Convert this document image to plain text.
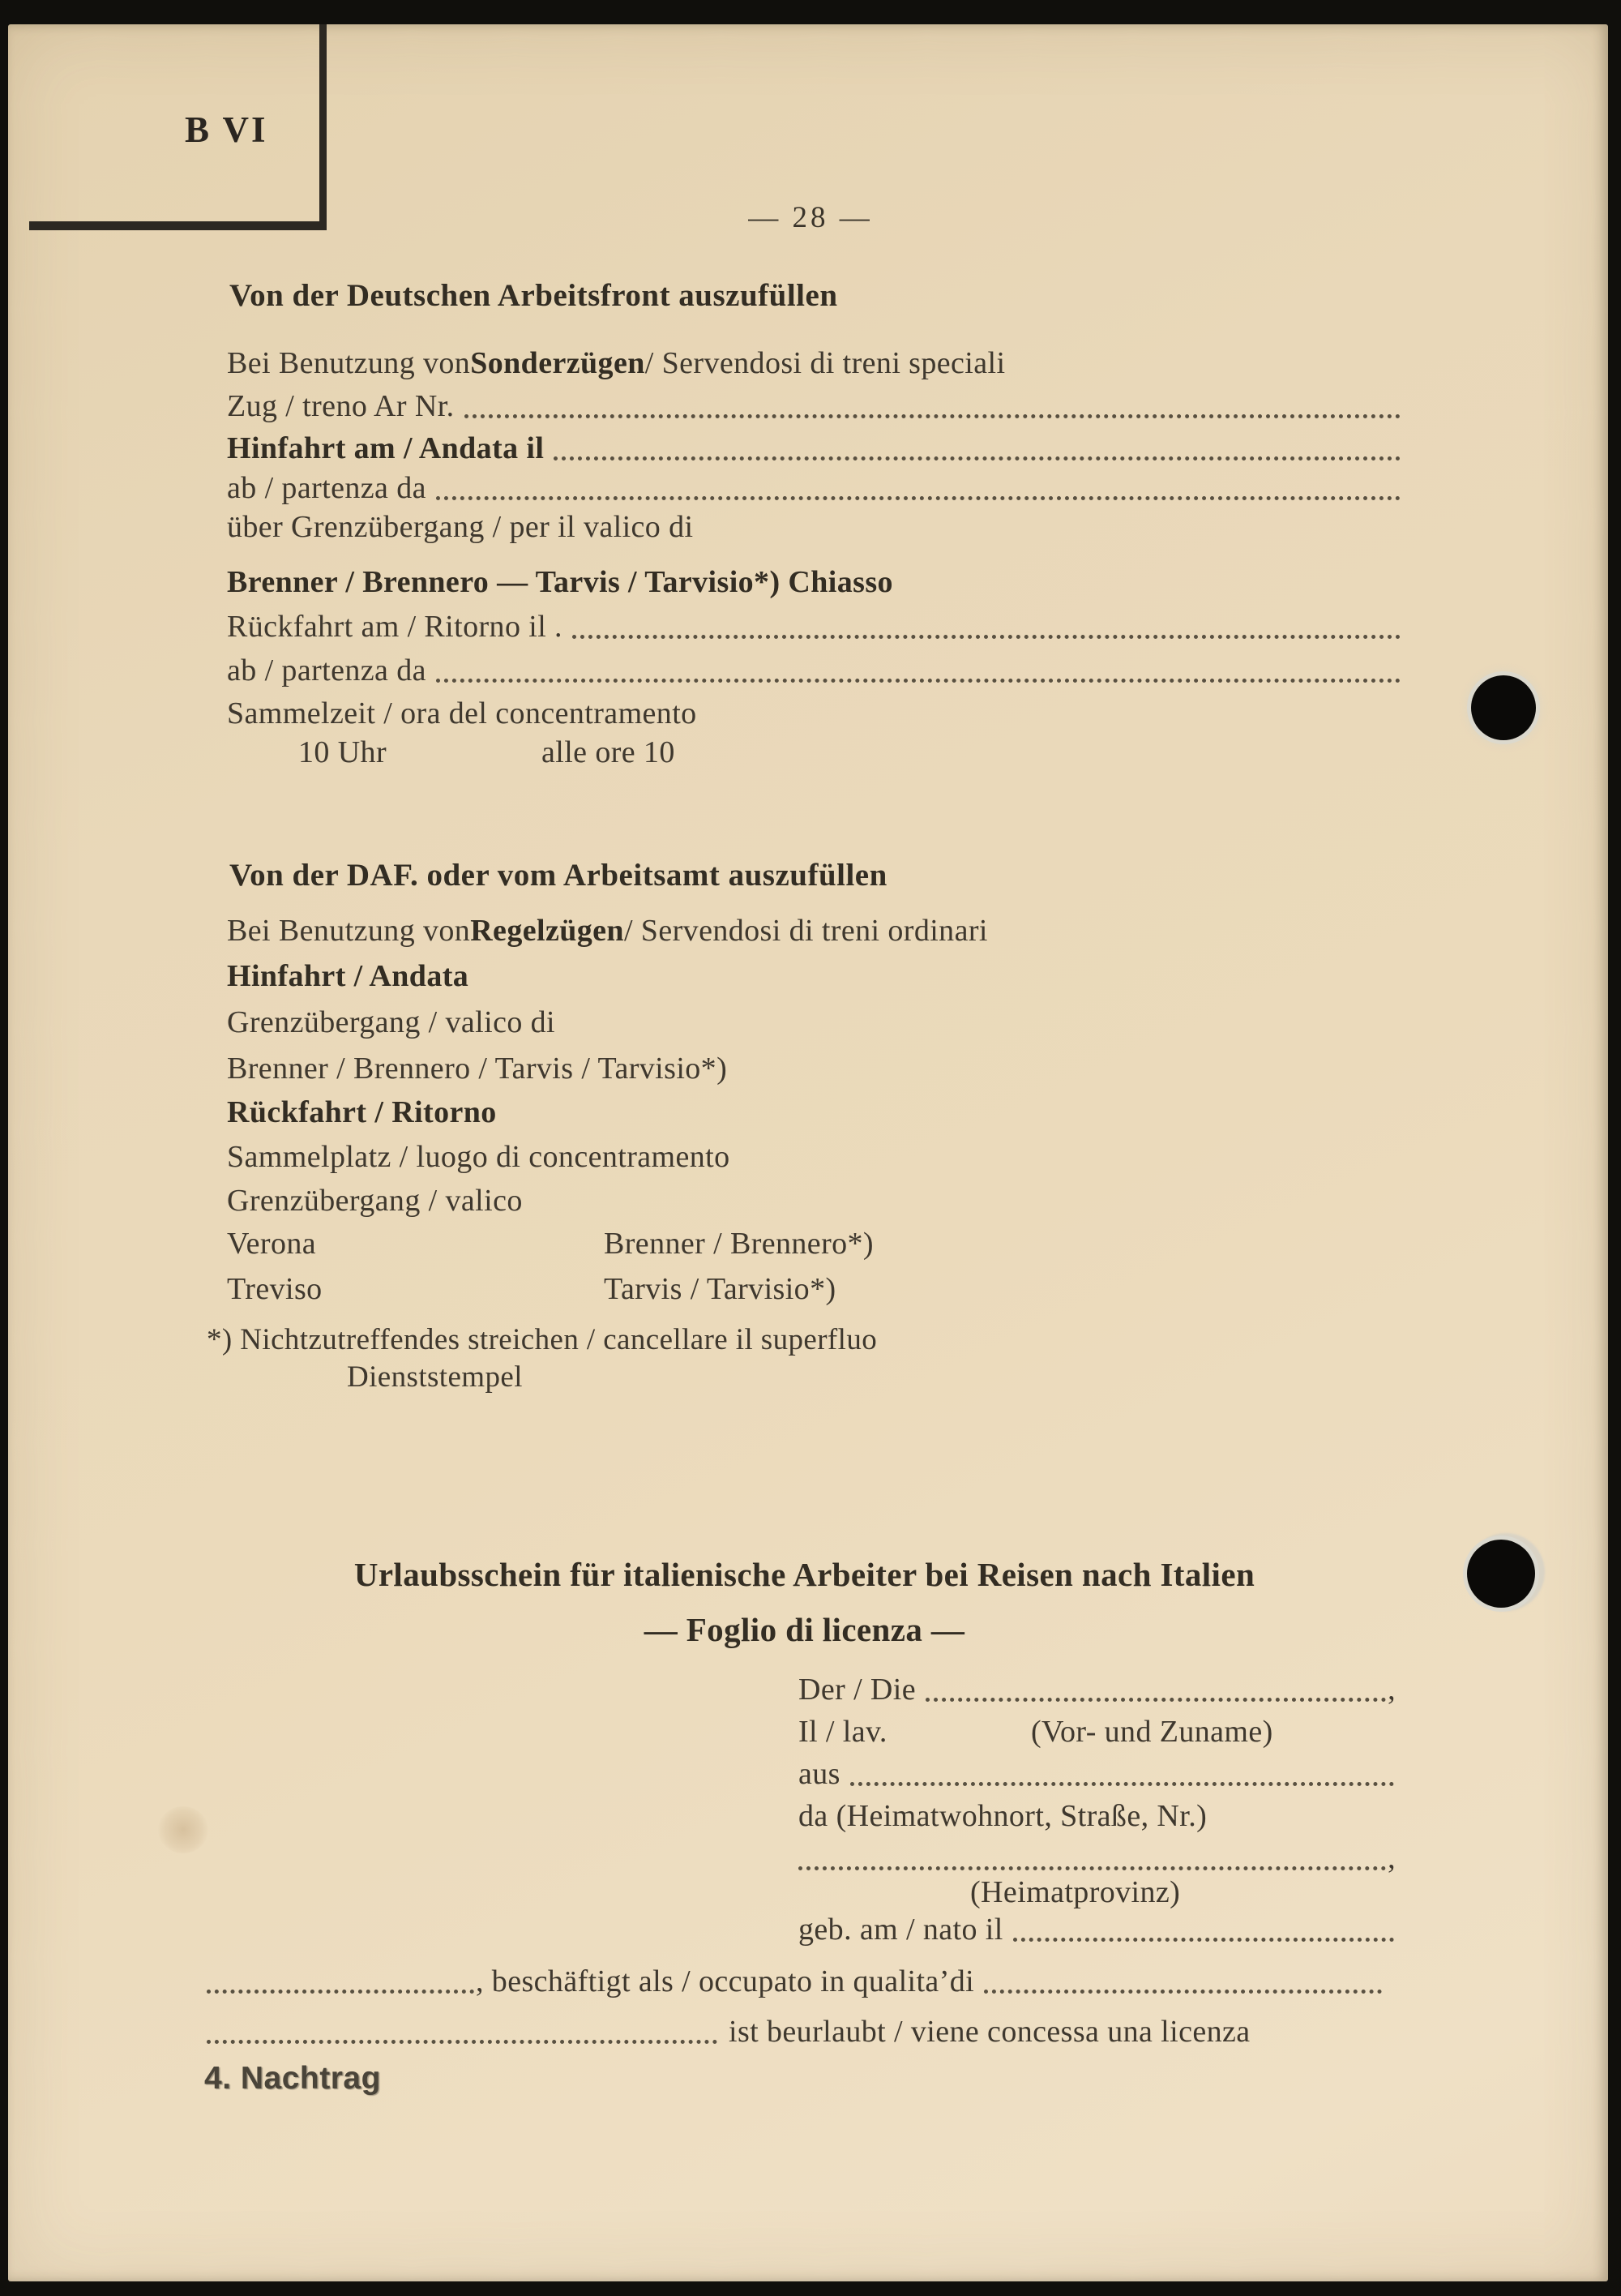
B VI
— 28 —
Von der Deutschen Arbeitsfront auszufüllen
Bei Benutzung von Sonderzügen / Servendosi di treni speciali
Zug / treno Ar Nr.
Hinfahrt am / Andata il
ab / partenza da
über Grenzübergang / per il valico di
Brenner / Brennero — Tarvis / Tarvisio*) Chiasso
Rückfahrt am / Ritorno il .
ab / partenza da
Sammelzeit / ora del concentramento
10 Uhr	alle ore 10
Von der DAF. oder vom Arbeitsamt auszufüllen
Bei Benutzung von Regelzügen / Servendosi di treni ordinari
Hinfahrt / Andata
Grenzübergang / valico di
Brenner / Brennero / Tarvis / Tarvisio*)
Rückfahrt / Ritorno
Sammelplatz / luogo di concentramento
Grenzübergang / valico
Verona	Brenner / Brennero*)
Treviso	Tarvis / Tarvisio*)
*) Nichtzutreffendes streichen / cancellare il superfluo
Dienststempel
Urlaubsschein für italienische Arbeiter bei Reisen nach Italien
— Foglio di licenza —
Der / Die	,
Il / lav.	(Vor- und Zuname)
aus
da (Heimatwohnort, Straße, Nr.)
,
(Heimatprovinz)
geb. am / nato il
, beschäftigt als / occupato in qualita’di
ist beurlaubt / viene concessa una licenza
4. Nachtrag
